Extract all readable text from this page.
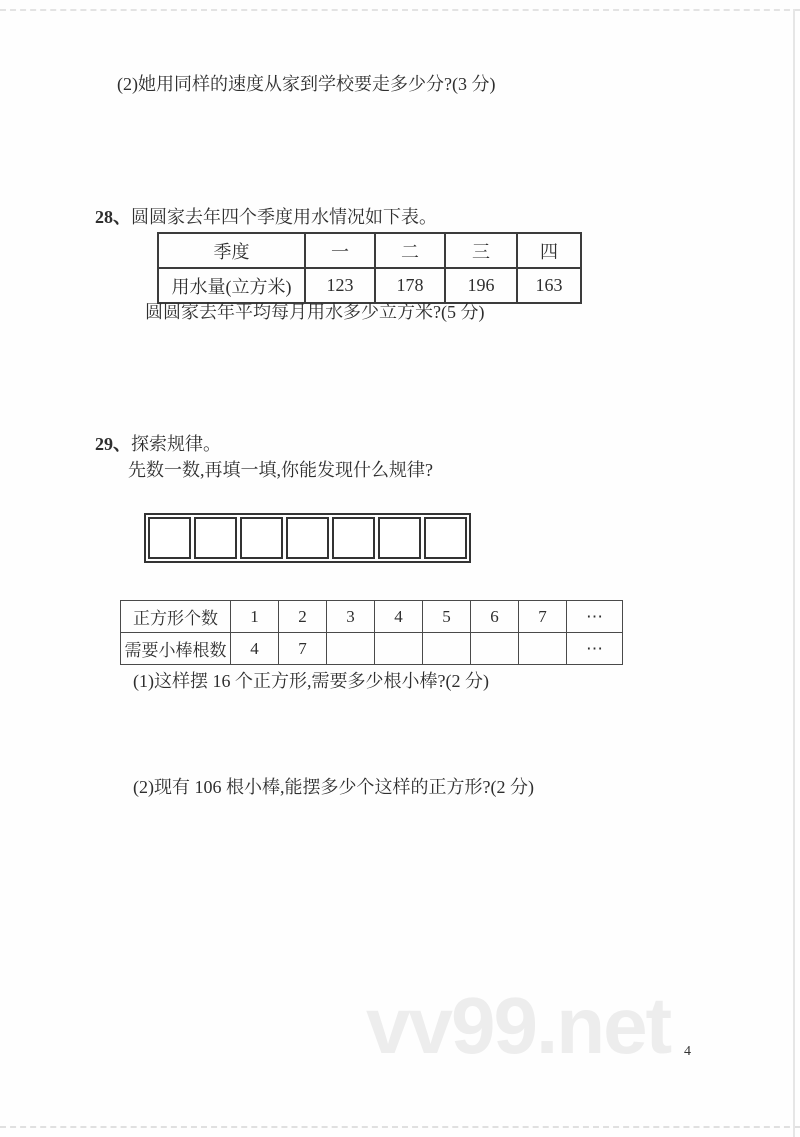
(2)她用同样的速度从家到学校要走多少分?(3 分)
28、圆圆家去年四个季度用水情况如下表。
季度	一	二	三	四
用水量(立方米)	123	178	196	163
圆圆家去年平均每月用水多少立方米?(5 分)
29、探索规律。
先数一数,再填一填,你能发现什么规律?
正方形个数	1	2	3	4	5	6	7	⋯
需要小棒根数	4	7						⋯
(1)这样摆 16 个正方形,需要多少根小棒?(2 分)
(2)现有 106 根小棒,能摆多少个这样的正方形?(2 分)
vv99.net 4
